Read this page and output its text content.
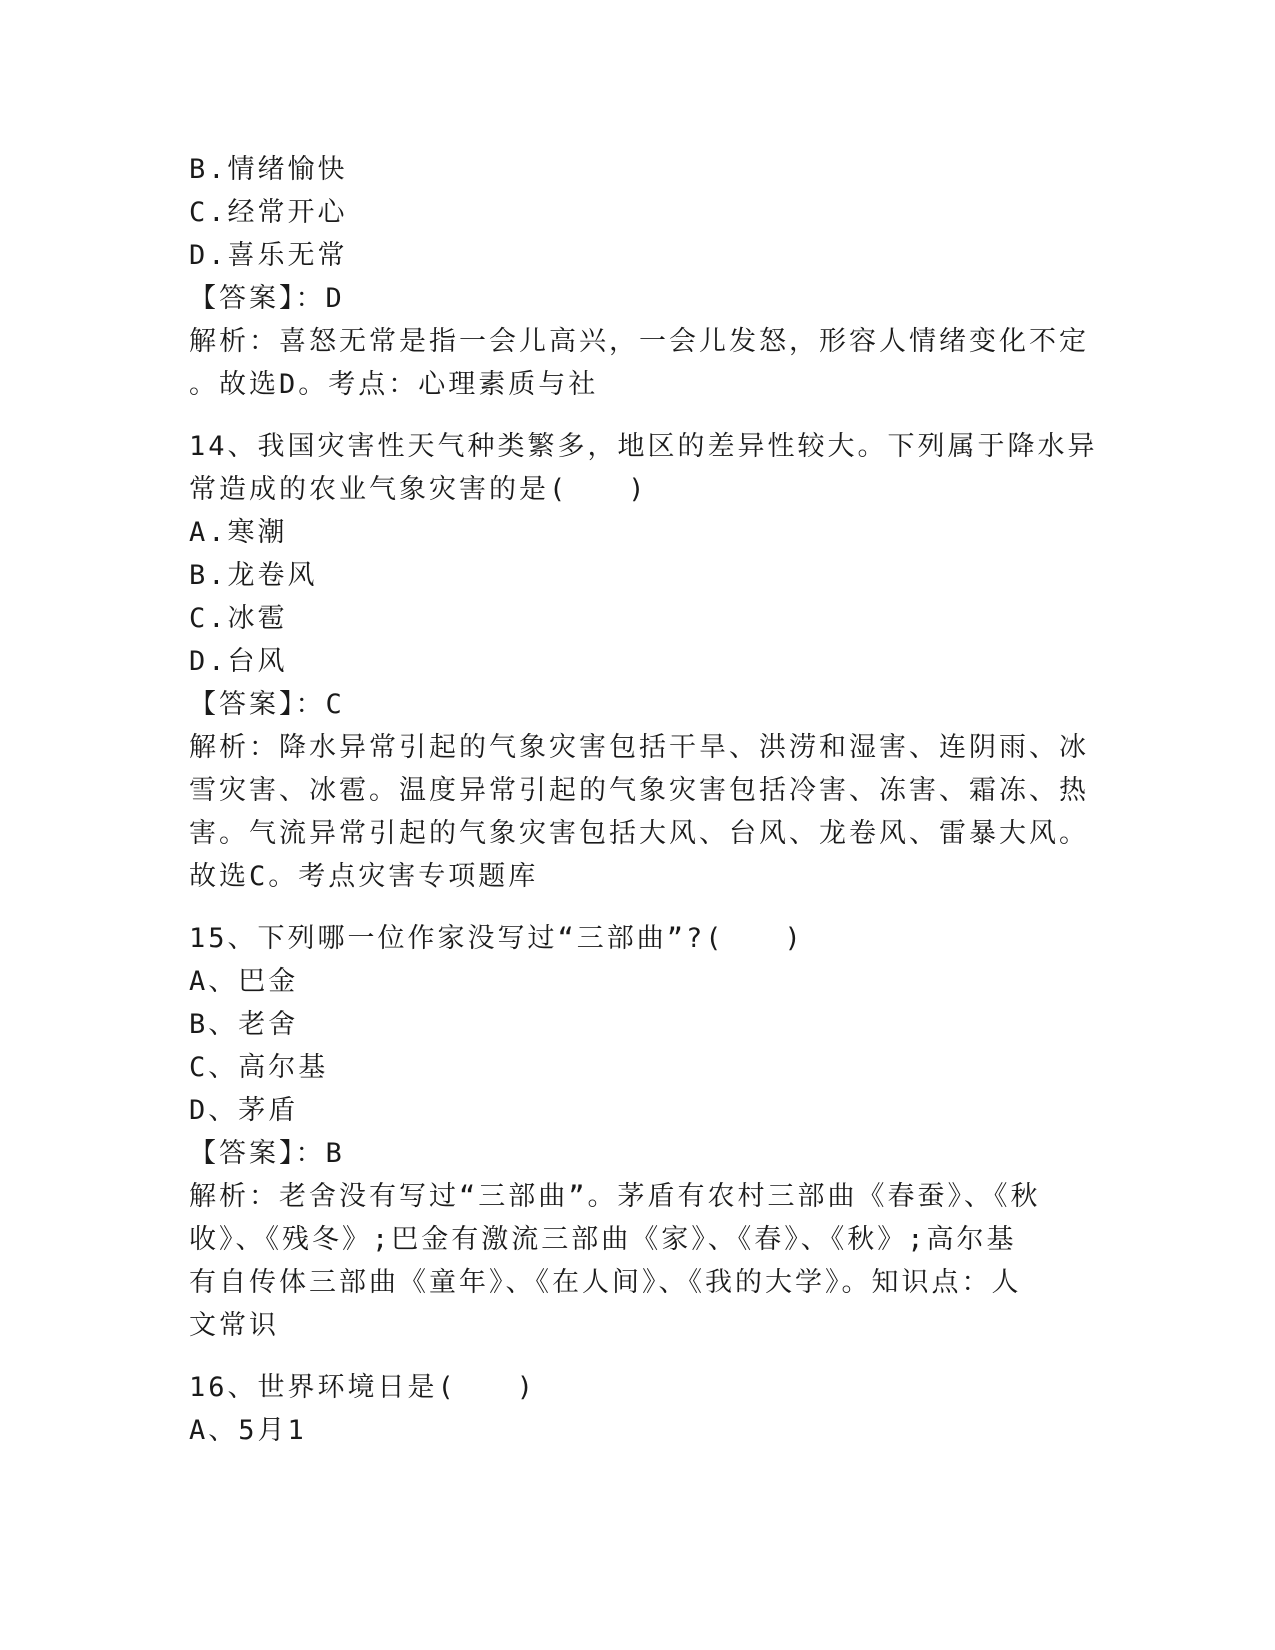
B.情绪愉快
C.经常开心
D.喜乐无常
【答案】：D
解析：喜怒无常是指一会儿高兴，一会儿发怒，形容人情绪变化不定
。故选D。考点：心理素质与社
14、我国灾害性天气种类繁多，地区的差异性较大。下列属于降水异
常造成的农业气象灾害的是(　　)
A.寒潮
B.龙卷风
C.冰雹
D.台风
【答案】：C
解析：降水异常引起的气象灾害包括干旱、洪涝和湿害、连阴雨、冰
雪灾害、冰雹。温度异常引起的气象灾害包括冷害、冻害、霜冻、热
害。气流异常引起的气象灾害包括大风、台风、龙卷风、雷暴大风。
故选C。考点灾害专项题库
15、下列哪一位作家没写过“三部曲”?(　　)
A、巴金
B、老舍
C、高尔基
D、茅盾
【答案】：B
解析：老舍没有写过“三部曲”。茅盾有农村三部曲《春蚕》、《秋
收》、《残冬》;巴金有激流三部曲《家》、《春》、《秋》;高尔基
有自传体三部曲《童年》、《在人间》、《我的大学》。知识点：人
文常识
16、世界环境日是(　　)
A、5月1
